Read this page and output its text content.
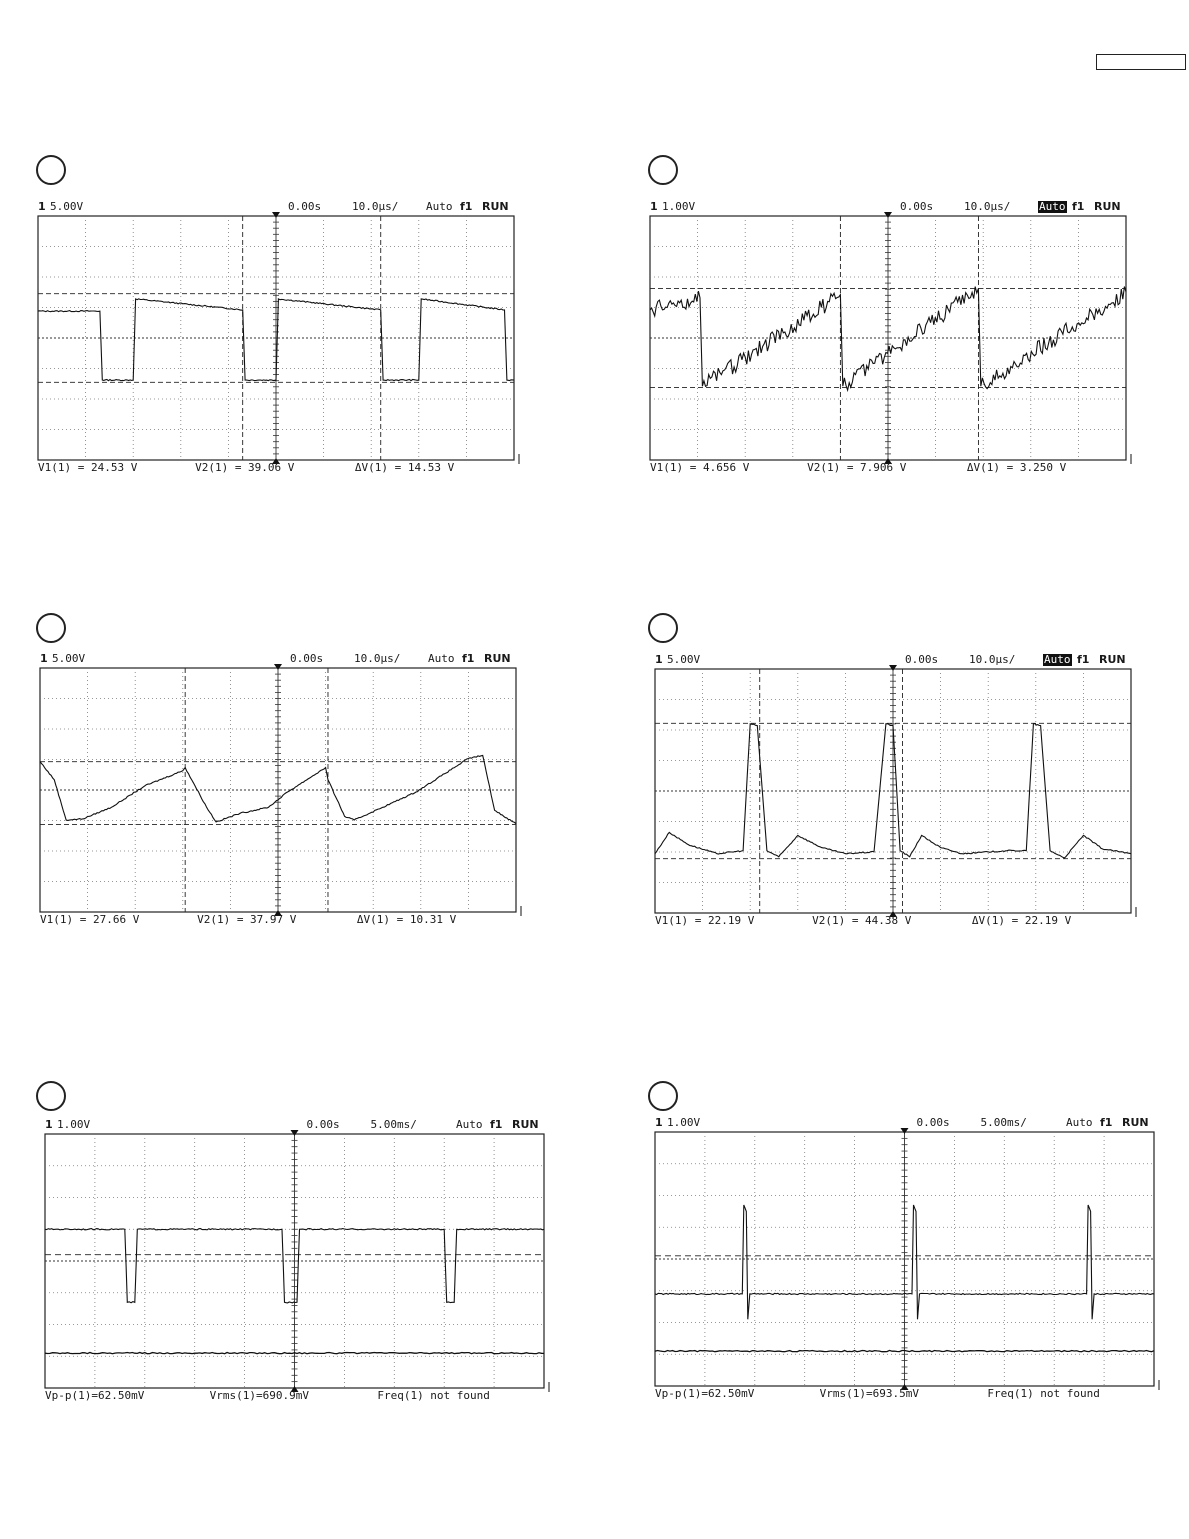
1 5.00V	0.00s	10.0µs/	Auto f1 RUN
V1(1) = 24.53 V	V2(1) = 39.06 V	ΔV(1) = 14.53 V
1 1.00V	0.00s	10.0µs/	Auto f1 RUN
V1(1) = 4.656 V	V2(1) = 7.906 V	ΔV(1) = 3.250 V
1 5.00V	0.00s	10.0µs/	Auto f1 RUN
V1(1) = 27.66 V	V2(1) = 37.97 V	ΔV(1) = 10.31 V
1 5.00V	0.00s	10.0µs/	Auto f1 RUN
V1(1) = 22.19 V	V2(1) = 44.38 V	ΔV(1) = 22.19 V
1 1.00V	0.00s	5.00ms/	Auto f1 RUN
Vp-p(1)=62.50mV	Vrms(1)=690.9mV	Freq(1) not found
1 1.00V	0.00s	5.00ms/	Auto f1 RUN
Vp-p(1)=62.50mV	Vrms(1)=693.5mV	Freq(1) not found
